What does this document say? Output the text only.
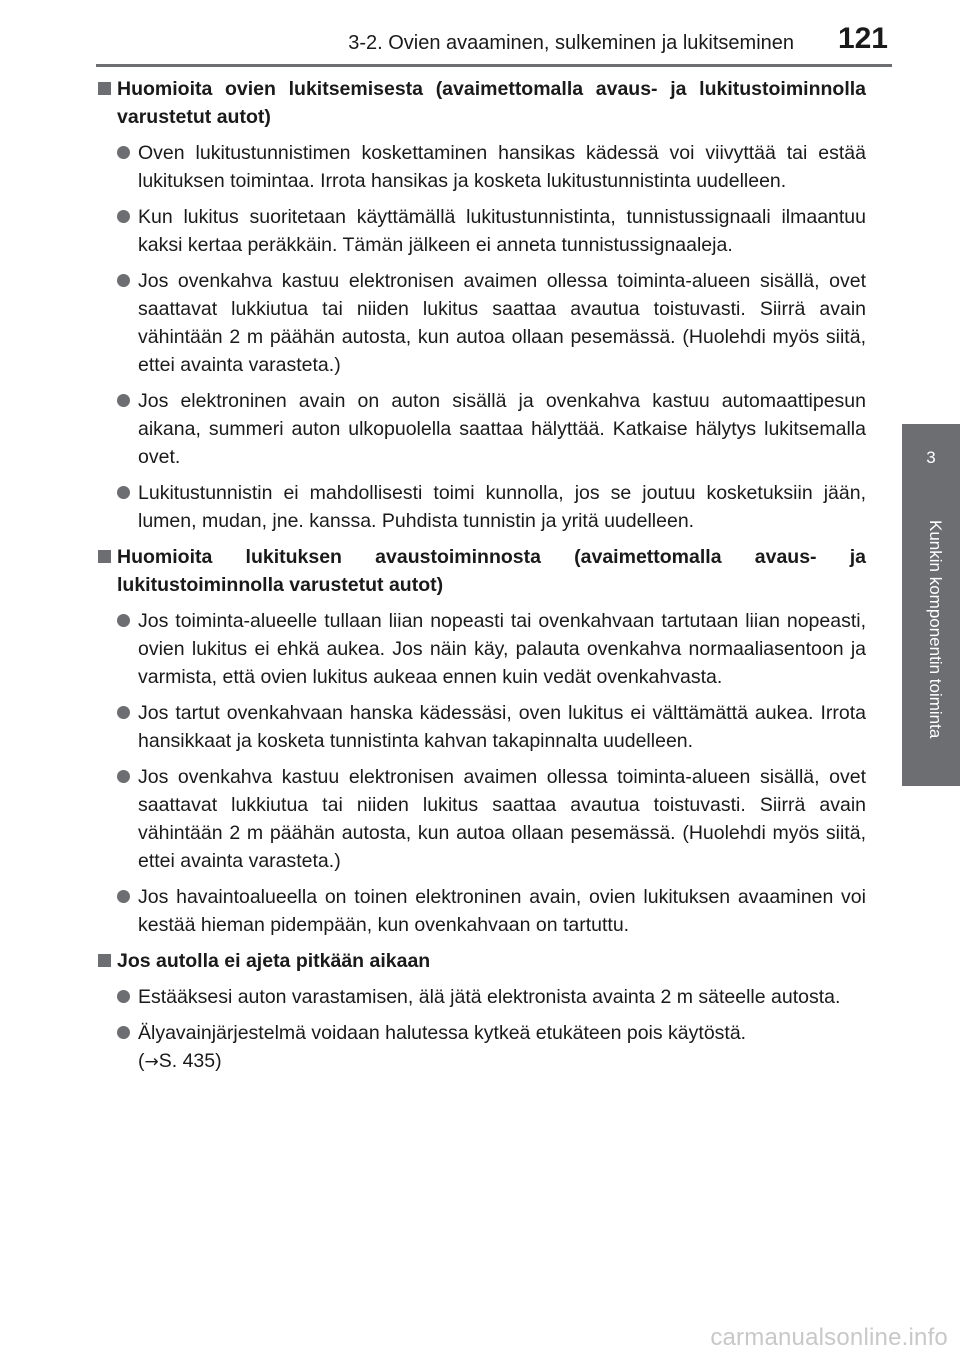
3-2. Ovien avaaminen, sulkeminen ja lukitseminen 121
3
Kunkin komponentin toiminta
Huomioita ovien lukitsemisesta (avaimettomalla avaus- ja lukitustoiminnolla varustetut autot)
Oven lukitustunnistimen koskettaminen hansikas kädessä voi viivyttää tai estää lukituksen toimintaa. Irrota hansikas ja kosketa lukitustunnistinta uudelleen.
Kun lukitus suoritetaan käyttämällä lukitustunnistinta, tunnistussignaali ilmaantuu kaksi kertaa peräkkäin. Tämän jälkeen ei anneta tunnistussignaaleja.
Jos ovenkahva kastuu elektronisen avaimen ollessa toiminta-alueen sisällä, ovet saattavat lukkiutua tai niiden lukitus saattaa avautua toistuvasti. Siirrä avain vähintään 2 m päähän autosta, kun autoa ollaan pesemässä. (Huolehdi myös siitä, ettei avainta varasteta.)
Jos elektroninen avain on auton sisällä ja ovenkahva kastuu automaattipesun aikana, summeri auton ulkopuolella saattaa hälyttää. Katkaise hälytys lukitsemalla ovet.
Lukitustunnistin ei mahdollisesti toimi kunnolla, jos se joutuu kosketuksiin jään, lumen, mudan, jne. kanssa. Puhdista tunnistin ja yritä uudelleen.
Huomioita lukituksen avaustoiminnosta (avaimettomalla avaus- ja lukitustoiminnolla varustetut autot)
Jos toiminta-alueelle tullaan liian nopeasti tai ovenkahvaan tartutaan liian nopeasti, ovien lukitus ei ehkä aukea. Jos näin käy, palauta ovenkahva normaaliasentoon ja varmista, että ovien lukitus aukeaa ennen kuin vedät ovenkahvasta.
Jos tartut ovenkahvaan hanska kädessäsi, oven lukitus ei välttämättä aukea. Irrota hansikkaat ja kosketa tunnistinta kahvan takapinnalta uudelleen.
Jos ovenkahva kastuu elektronisen avaimen ollessa toiminta-alueen sisällä, ovet saattavat lukkiutua tai niiden lukitus saattaa avautua toistuvasti. Siirrä avain vähintään 2 m päähän autosta, kun autoa ollaan pesemässä. (Huolehdi myös siitä, ettei avainta varasteta.)
Jos havaintoalueella on toinen elektroninen avain, ovien lukituksen avaaminen voi kestää hieman pidempään, kun ovenkahvaan on tartuttu.
Jos autolla ei ajeta pitkään aikaan
Estääksesi auton varastamisen, älä jätä elektronista avainta 2 m säteelle autosta.
Älyavainjärjestelmä voidaan halutessa kytkeä etukäteen pois käytöstä.
(→S. 435)
carmanualsonline.info
